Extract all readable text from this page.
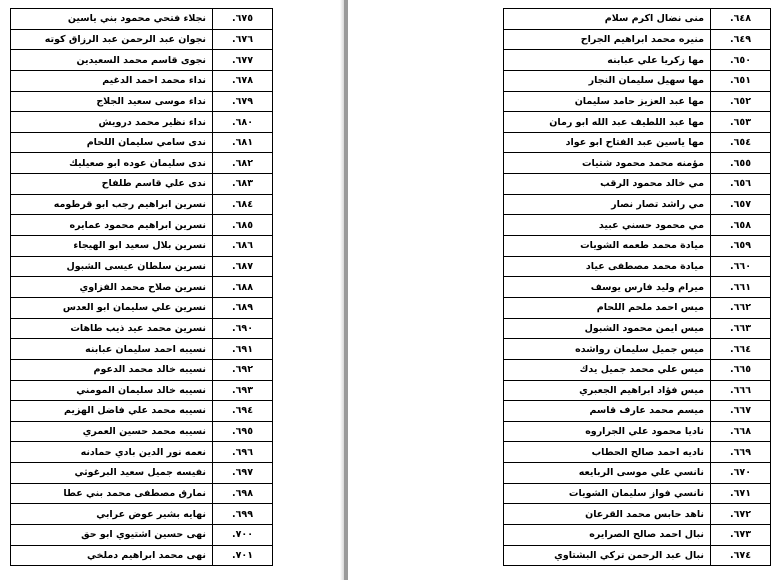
٦٧٥.	نجلاء فتحي محمود بني ياسين
٦٧٦.	نجوان عبد الرحمن عبد الرزاق كوته
٦٧٧.	نجوى قاسم محمد السعيدين
٦٧٨.	نداء محمد احمد الدغيم
٦٧٩.	نداء موسى سعيد الجلاج
٦٨٠.	نداء نظير محمد درويش
٦٨١.	ندى سامي سليمان اللحام
٦٨٢.	ندى سليمان عوده ابو صعيليك
٦٨٣.	ندى علي قاسم طلفاح
٦٨٤.	نسرين ابراهيم رجب ابو قرطومه
٦٨٥.	نسرين ابراهيم محمود عمايره
٦٨٦.	نسرين بلال سعيد ابو الهيجاء
٦٨٧.	نسرين سلطان عيسى الشبول
٦٨٨.	نسرين صلاح محمد الفزاوي
٦٨٩.	نسرين علي سليمان ابو العدس
٦٩٠.	نسرين محمد عيد ذيب طاهات
٦٩١.	نسيبه احمد سليمان عبابنه
٦٩٢.	نسيبه خالد محمد الدعوم
٦٩٣.	نسيبه خالد سليمان المومني
٦٩٤.	نسيبه محمد علي فاضل الهزيم
٦٩٥.	نسيبه محمد حسين العمري
٦٩٦.	نعمه نور الدين بادي حمادنه
٦٩٧.	نفيسه جميل سعيد البرغوثي
٦٩٨.	نمارق مصطفى محمد بني عطا
٦٩٩.	نهايه بشير عوض عرابي
٧٠٠.	نهى حسين اشتيوي ابو حق
٧٠١.	نهى محمد ابراهيم دملخي
٦٤٨.	منى نضال اكرم سلام
٦٤٩.	منيره محمد ابراهيم الجراح
٦٥٠.	مها زكريا علي عبابنه
٦٥١.	مها سهيل سليمان النجار
٦٥٢.	مها عبد العزيز حامد سليمان
٦٥٣.	مها عبد اللطيف عبد الله ابو رمان
٦٥٤.	مها ياسين عبد الفتاح ابو عواد
٦٥٥.	مؤمنه محمد محمود شتيات
٦٥٦.	مي خالد محمود الرقب
٦٥٧.	مي راشد تصار نصار
٦٥٨.	مي محمود حسني عبيد
٦٥٩.	ميادة محمد طعمه الشويات
٦٦٠.	ميادة محمد مصطفى عياد
٦٦١.	ميرام وليد فارس يوسف
٦٦٢.	ميس احمد ملحم اللحام
٦٦٣.	ميس ايمن محمود الشبول
٦٦٤.	ميس جميل سليمان رواشده
٦٦٥.	ميس علي محمد جميل يدك
٦٦٦.	ميس فؤاد ابراهيم الجعبري
٦٦٧.	ميسم محمد عارف قاسم
٦٦٨.	ناديا محمود علي الجراروه
٦٦٩.	ناديه احمد صالح الحطاب
٦٧٠.	نانسي علي موسى الربايعه
٦٧١.	نانسي فواز سليمان الشويات
٦٧٢.	ناهد حابس محمد القرعان
٦٧٣.	نبال احمد صالح الصرايره
٦٧٤.	نبال عبد الرحمن تركي البشتاوي
